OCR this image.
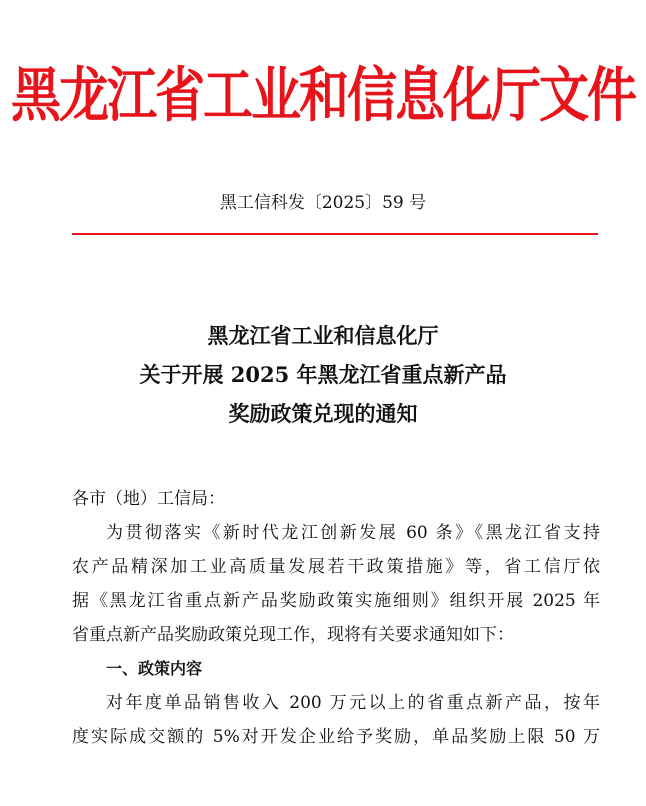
黑龙江省工业和信息化厅文件
黑工信科发〔2025〕59 号
黑龙江省工业和信息化厅
关于开展 2025 年黑龙江省重点新产品
奖励政策兑现的通知
各市（地）工信局：
为贯彻落实《新时代龙江创新发展 60 条》《黑龙江省支持
农产品精深加工业高质量发展若干政策措施》等，省工信厅依
据《黑龙江省重点新产品奖励政策实施细则》组织开展 2025 年
省重点新产品奖励政策兑现工作，现将有关要求通知如下：
一、政策内容
对年度单品销售收入 200 万元以上的省重点新产品，按年
度实际成交额的 5%对开发企业给予奖励，单品奖励上限 50 万
